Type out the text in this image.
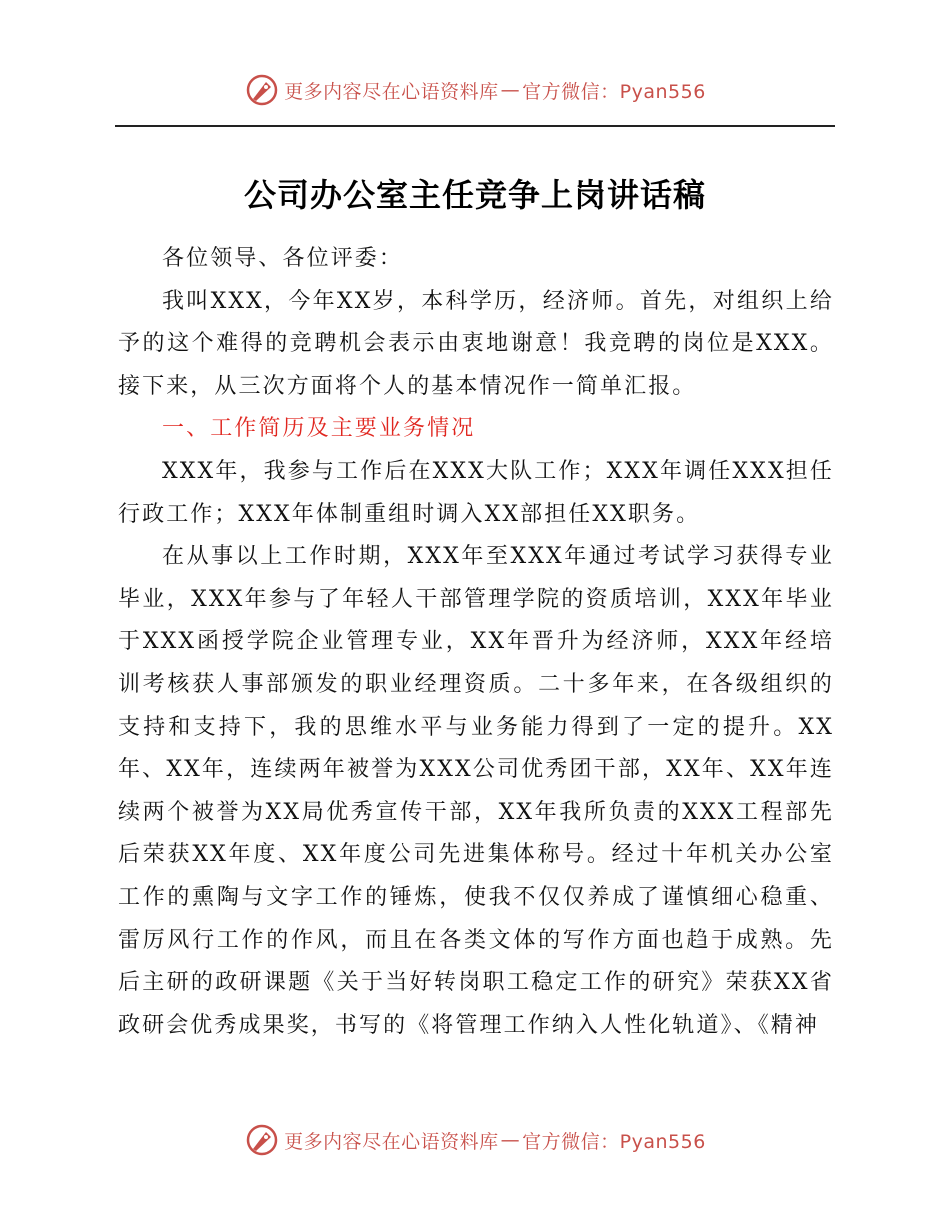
更多内容尽在心语资料库 — 官方微信：Pyan556
公司办公室主任竞争上岗讲话稿

各位领导、各位评委：

我叫XXX，今年XX岁，本科学历，经济师。首先，对组织上给予的这个难得的竞聘机会表示由衷地谢意！我竞聘的岗位是XXX。接下来，从三次方面将个人的基本情况作一简单汇报。

一、工作简历及主要业务情况

XXX年，我参与工作后在XXX大队工作；XXX年调任XXX担任行政工作；XXX年体制重组时调入XX部担任XX职务。

在从事以上工作时期，XXX年至XXX年通过考试学习获得专业毕业，XXX年参与了年轻人干部管理学院的资质培训，XXX年毕业于XXX函授学院企业管理专业，XX年晋升为经济师，XXX年经培训考核获人事部颁发的职业经理资质。二十多年来，在各级组织的支持和支持下，我的思维水平与业务能力得到了一定的提升。XX年、XX年，连续两年被誉为XXX公司优秀团干部，XX年、XX年连续两个被誉为XX局优秀宣传干部，XX年我所负责的XXX工程部先后荣获XX年度、XX年度公司先进集体称号。经过十年机关办公室工作的熏陶与文字工作的锤炼，使我不仅仅养成了谨慎细心稳重、雷厉风行工作的作风，而且在各类文体的写作方面也趋于成熟。先后主研的政研课题《关于当好转岗职工稳定工作的研究》荣获XX省政研会优秀成果奖，书写的《将管理工作纳入人性化轨道》、《精神

更多内容尽在心语资料库 — 官方微信：Pyan556
